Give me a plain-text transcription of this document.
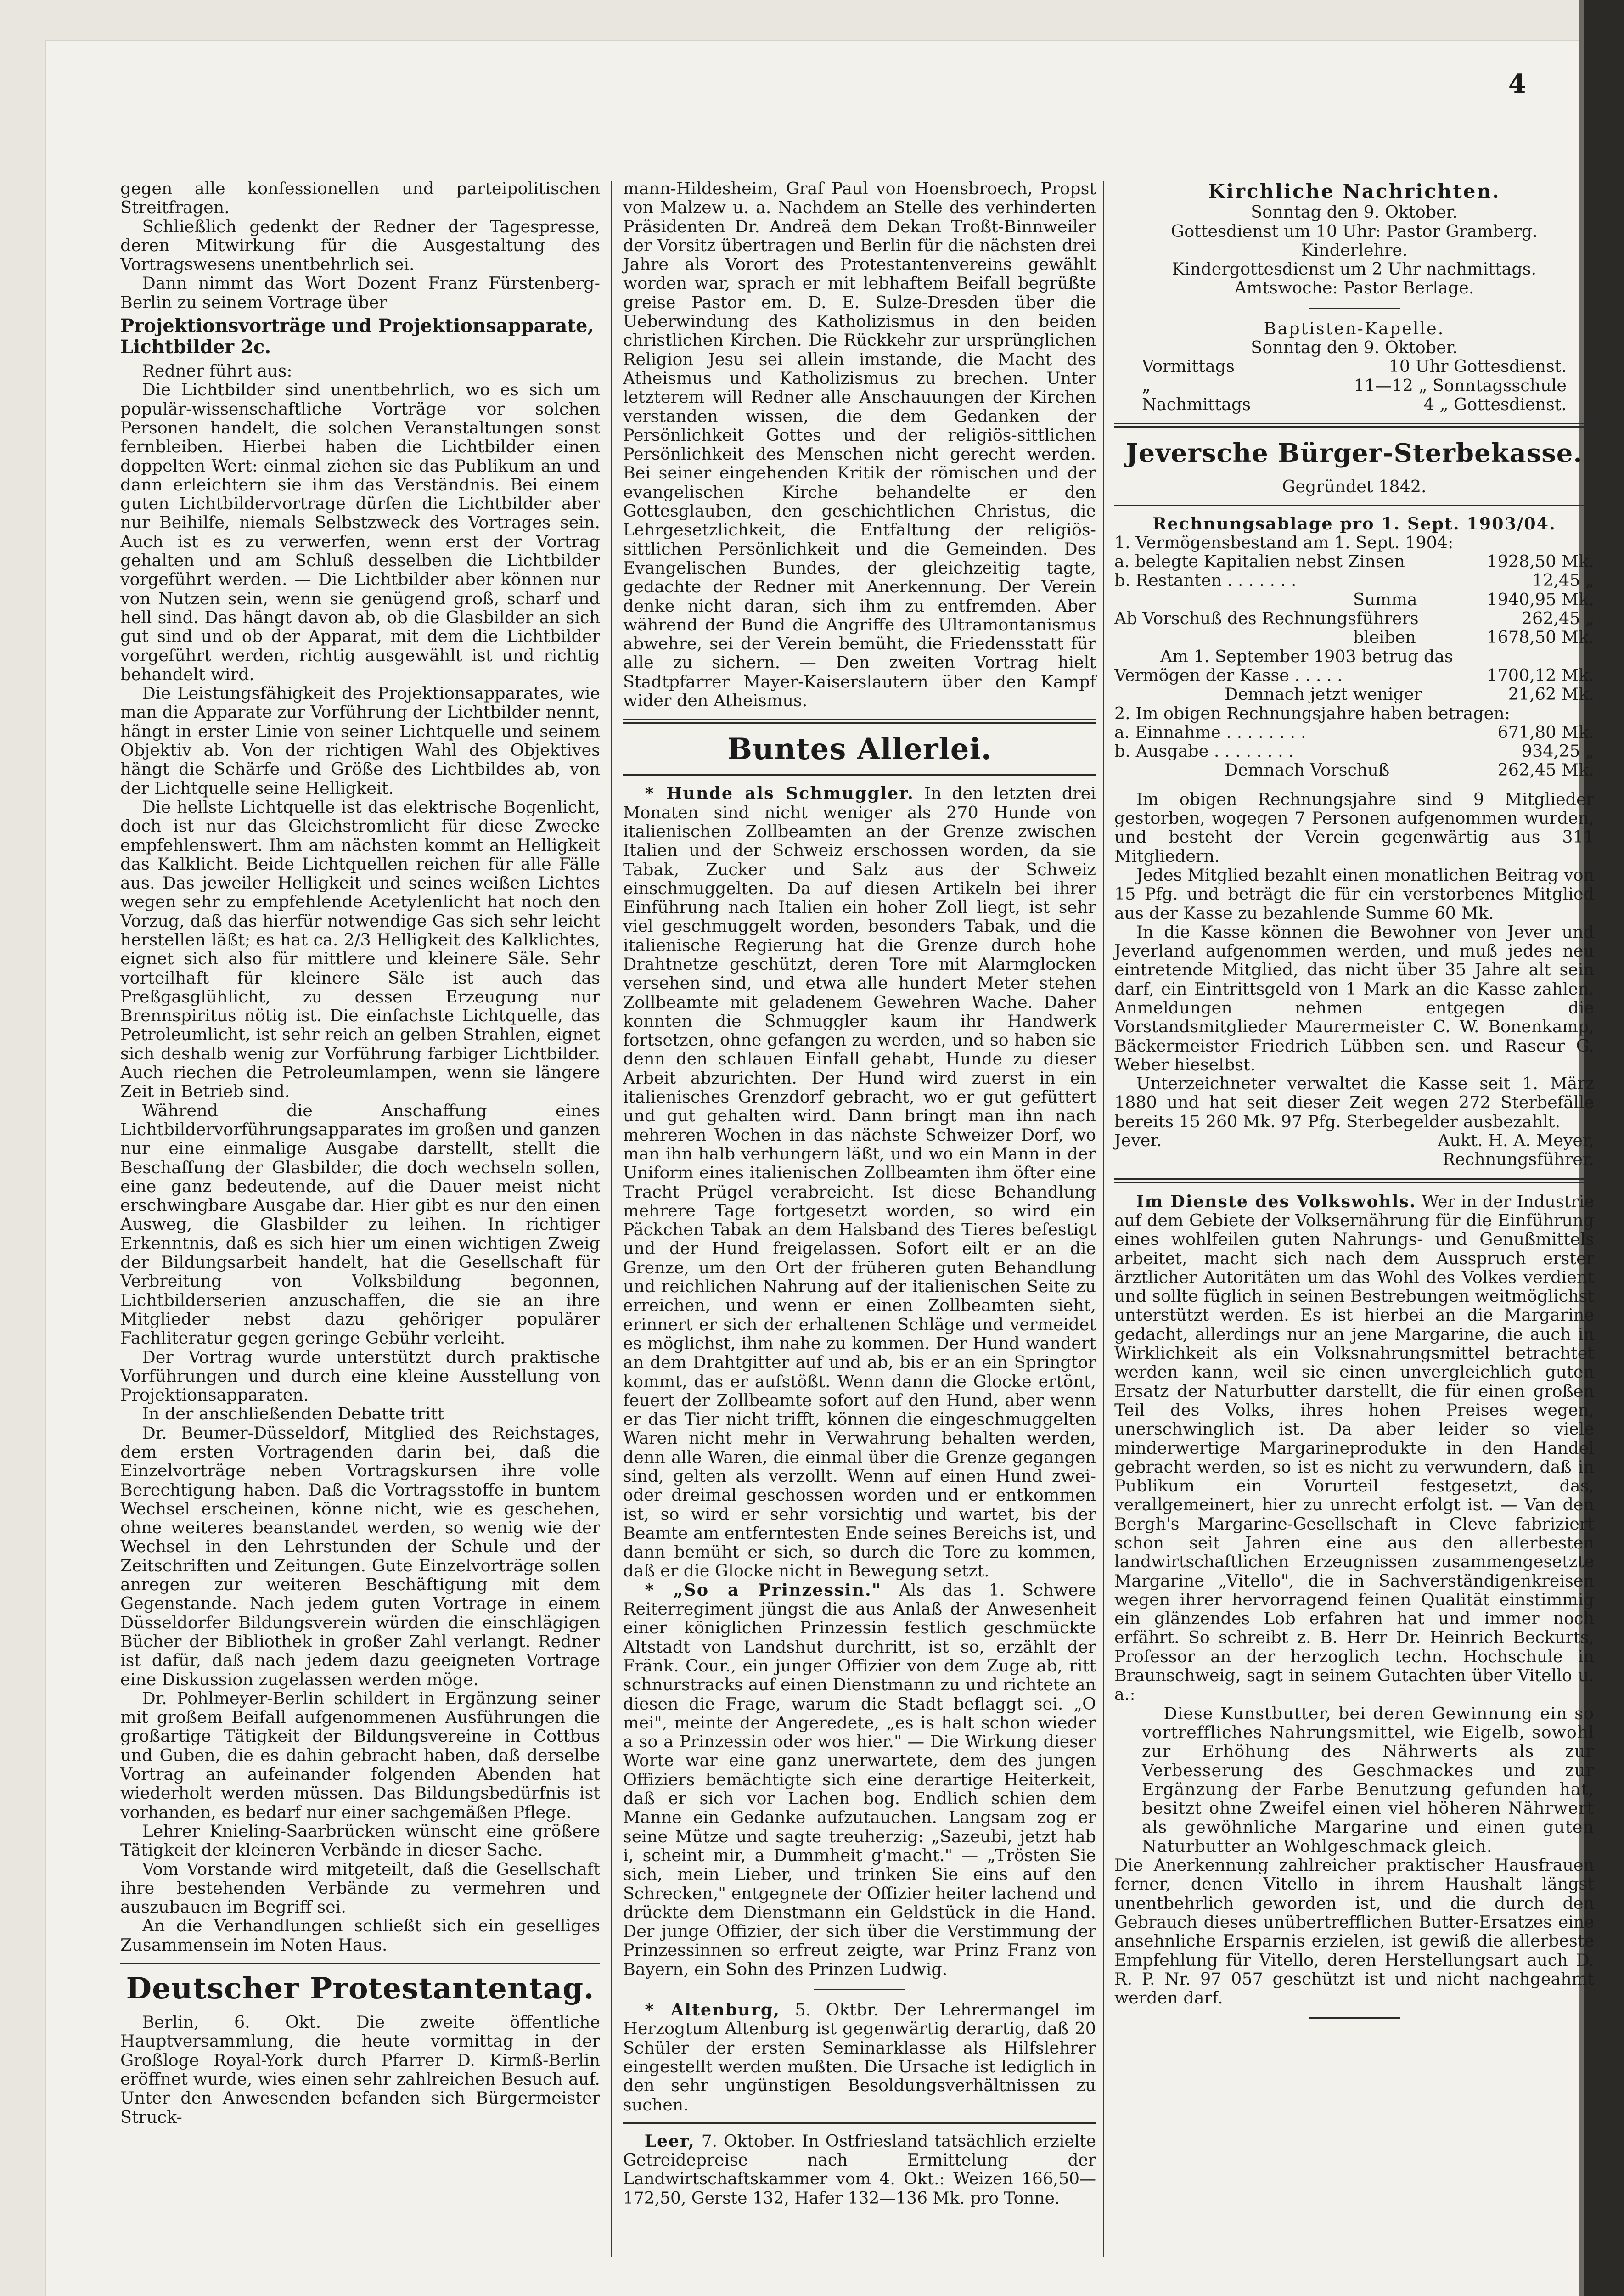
4

gegen alle konfessionellen und parteipolitischen Streitfragen.

Schließlich gedenkt der Redner der Tagespresse, deren Mitwirkung für die Ausgestaltung des Vortragswesens unentbehrlich sei.

Dann nimmt das Wort Dozent Franz Fürstenberg-Berlin zu seinem Vortrage über

Projektionsvorträge und Projektionsapparate, Lichtbilder 2c.

Redner führt aus:

Die Lichtbilder sind unentbehrlich, wo es sich um populär-wissenschaftliche Vorträge vor solchen Personen handelt, die solchen Veranstaltungen sonst fernbleiben. Hierbei haben die Lichtbilder einen doppelten Wert: einmal ziehen sie das Publikum an und dann erleichtern sie ihm das Verständnis. Bei einem guten Lichtbildervortrage dürfen die Lichtbilder aber nur Beihilfe, niemals Selbstzweck des Vortrages sein. Auch ist es zu verwerfen, wenn erst der Vortrag gehalten und am Schluß desselben die Lichtbilder vorgeführt werden. — Die Lichtbilder aber können nur von Nutzen sein, wenn sie genügend groß, scharf und hell sind. Das hängt davon ab, ob die Glasbilder an sich gut sind und ob der Apparat, mit dem die Lichtbilder vorgeführt werden, richtig ausgewählt ist und richtig behandelt wird.

Die Leistungsfähigkeit des Projektionsapparates, wie man die Apparate zur Vorführung der Lichtbilder nennt, hängt in erster Linie von seiner Lichtquelle und seinem Objektiv ab. Von der richtigen Wahl des Objektives hängt die Schärfe und Größe des Lichtbildes ab, von der Lichtquelle seine Helligkeit.

Die hellste Lichtquelle ist das elektrische Bogenlicht, doch ist nur das Gleichstromlicht für diese Zwecke empfehlenswert. Ihm am nächsten kommt an Helligkeit das Kalklicht. Beide Lichtquellen reichen für alle Fälle aus. Das jeweiler Helligkeit und seines weißen Lichtes wegen sehr zu empfehlende Acetylenlicht hat noch den Vorzug, daß das hierfür notwendige Gas sich sehr leicht herstellen läßt; es hat ca. 2/3 Helligkeit des Kalklichtes, eignet sich also für mittlere und kleinere Säle. Sehr vorteilhaft für kleinere Säle ist auch das Preßgasglühlicht, zu dessen Erzeugung nur Brennspiritus nötig ist. Die einfachste Lichtquelle, das Petroleumlicht, ist sehr reich an gelben Strahlen, eignet sich deshalb wenig zur Vorführung farbiger Lichtbilder. Auch riechen die Petroleumlampen, wenn sie längere Zeit in Betrieb sind.

Während die Anschaffung eines Lichtbildervorführungsapparates im großen und ganzen nur eine einmalige Ausgabe darstellt, stellt die Beschaffung der Glasbilder, die doch wechseln sollen, eine ganz bedeutende, auf die Dauer meist nicht erschwingbare Ausgabe dar. Hier gibt es nur den einen Ausweg, die Glasbilder zu leihen. In richtiger Erkenntnis, daß es sich hier um einen wichtigen Zweig der Bildungsarbeit handelt, hat die Gesellschaft für Verbreitung von Volksbildung begonnen, Lichtbilderserien anzuschaffen, die sie an ihre Mitglieder nebst dazu gehöriger populärer Fachliteratur gegen geringe Gebühr verleiht.

Der Vortrag wurde unterstützt durch praktische Vorführungen und durch eine kleine Ausstellung von Projektionsapparaten.

In der anschließenden Debatte tritt

Dr. Beumer-Düsseldorf, Mitglied des Reichstages, dem ersten Vortragenden darin bei, daß die Einzelvorträge neben Vortragskursen ihre volle Berechtigung haben. Daß die Vortragsstoffe in buntem Wechsel erscheinen, könne nicht, wie es geschehen, ohne weiteres beanstandet werden, so wenig wie der Wechsel in den Lehrstunden der Schule und der Zeitschriften und Zeitungen. Gute Einzelvorträge sollen anregen zur weiteren Beschäftigung mit dem Gegenstande. Nach jedem guten Vortrage in einem Düsseldorfer Bildungsverein würden die einschlägigen Bücher der Bibliothek in großer Zahl verlangt. Redner ist dafür, daß nach jedem dazu geeigneten Vortrage eine Diskussion zugelassen werden möge.

Dr. Pohlmeyer-Berlin schildert in Ergänzung seiner mit großem Beifall aufgenommenen Ausführungen die großartige Tätigkeit der Bildungsvereine in Cottbus und Guben, die es dahin gebracht haben, daß derselbe Vortrag an aufeinander folgenden Abenden hat wiederholt werden müssen. Das Bildungsbedürfnis ist vorhanden, es bedarf nur einer sachgemäßen Pflege.

Lehrer Knieling-Saarbrücken wünscht eine größere Tätigkeit der kleineren Verbände in dieser Sache.

Vom Vorstande wird mitgeteilt, daß die Gesellschaft ihre bestehenden Verbände zu vermehren und auszubauen im Begriff sei.

An die Verhandlungen schließt sich ein geselliges Zusammensein im Noten Haus.

Deutscher Protestantentag.

Berlin, 6. Okt. Die zweite öffentliche Hauptversammlung, die heute vormittag in der Großloge Royal-York durch Pfarrer D. Kirmß-Berlin eröffnet wurde, wies einen sehr zahlreichen Besuch auf. Unter den Anwesenden befanden sich Bürgermeister Struck-

mann-Hildesheim, Graf Paul von Hoensbroech, Propst von Malzew u. a. Nachdem an Stelle des verhinderten Präsidenten Dr. Andreä dem Dekan Troßt-Binnweiler der Vorsitz übertragen und Berlin für die nächsten drei Jahre als Vorort des Protestantenvereins gewählt worden war, sprach er mit lebhaftem Beifall begrüßte greise Pastor em. D. E. Sulze-Dresden über die Ueberwindung des Katholizismus in den beiden christlichen Kirchen. Die Rückkehr zur ursprünglichen Religion Jesu sei allein imstande, die Macht des Atheismus und Katholizismus zu brechen. Unter letzterem will Redner alle Anschauungen der Kirchen verstanden wissen, die dem Gedanken der Persönlichkeit Gottes und der religiös-sittlichen Persönlichkeit des Menschen nicht gerecht werden. Bei seiner eingehenden Kritik der römischen und der evangelischen Kirche behandelte er den Gottesglauben, den geschichtlichen Christus, die Lehrgesetzlichkeit, die Entfaltung der religiös-sittlichen Persönlichkeit und die Gemeinden. Des Evangelischen Bundes, der gleichzeitig tagte, gedachte der Redner mit Anerkennung. Der Verein denke nicht daran, sich ihm zu entfremden. Aber während der Bund die Angriffe des Ultramontanismus abwehre, sei der Verein bemüht, die Friedensstatt für alle zu sichern. — Den zweiten Vortrag hielt Stadtpfarrer Mayer-Kaiserslautern über den Kampf wider den Atheismus.

Buntes Allerlei.

* Hunde als Schmuggler. In den letzten drei Monaten sind nicht weniger als 270 Hunde von italienischen Zollbeamten an der Grenze zwischen Italien und der Schweiz erschossen worden, da sie Tabak, Zucker und Salz aus der Schweiz einschmuggelten. Da auf diesen Artikeln bei ihrer Einführung nach Italien ein hoher Zoll liegt, ist sehr viel geschmuggelt worden, besonders Tabak, und die italienische Regierung hat die Grenze durch hohe Drahtnetze geschützt, deren Tore mit Alarmglocken versehen sind, und etwa alle hundert Meter stehen Zollbeamte mit geladenem Gewehren Wache. Daher konnten die Schmuggler kaum ihr Handwerk fortsetzen, ohne gefangen zu werden, und so haben sie denn den schlauen Einfall gehabt, Hunde zu dieser Arbeit abzurichten. Der Hund wird zuerst in ein italienisches Grenzdorf gebracht, wo er gut gefüttert und gut gehalten wird. Dann bringt man ihn nach mehreren Wochen in das nächste Schweizer Dorf, wo man ihn halb verhungern läßt, und wo ein Mann in der Uniform eines italienischen Zollbeamten ihm öfter eine Tracht Prügel verabreicht. Ist diese Behandlung mehrere Tage fortgesetzt worden, so wird ein Päckchen Tabak an dem Halsband des Tieres befestigt und der Hund freigelassen. Sofort eilt er an die Grenze, um den Ort der früheren guten Behandlung und reichlichen Nahrung auf der italienischen Seite zu erreichen, und wenn er einen Zollbeamten sieht, erinnert er sich der erhaltenen Schläge und vermeidet es möglichst, ihm nahe zu kommen. Der Hund wandert an dem Drahtgitter auf und ab, bis er an ein Springtor kommt, das er aufstößt. Wenn dann die Glocke ertönt, feuert der Zollbeamte sofort auf den Hund, aber wenn er das Tier nicht trifft, können die eingeschmuggelten Waren nicht mehr in Verwahrung behalten werden, denn alle Waren, die einmal über die Grenze gegangen sind, gelten als verzollt. Wenn auf einen Hund zwei- oder dreimal geschossen worden und er entkommen ist, so wird er sehr vorsichtig und wartet, bis der Beamte am entferntesten Ende seines Bereichs ist, und dann bemüht er sich, so durch die Tore zu kommen, daß er die Glocke nicht in Bewegung setzt.

* „So a Prinzessin." Als das 1. Schwere Reiterregiment jüngst die aus Anlaß der Anwesenheit einer königlichen Prinzessin festlich geschmückte Altstadt von Landshut durchritt, ist so, erzählt der Fränk. Cour., ein junger Offizier von dem Zuge ab, ritt schnurstracks auf einen Dienstmann zu und richtete an diesen die Frage, warum die Stadt beflaggt sei. „O mei", meinte der Angeredete, „es is halt schon wieder a so a Prinzessin oder wos hier." — Die Wirkung dieser Worte war eine ganz unerwartete, dem des jungen Offiziers bemächtigte sich eine derartige Heiterkeit, daß er sich vor Lachen bog. Endlich schien dem Manne ein Gedanke aufzutauchen. Langsam zog er seine Mütze und sagte treuherzig: „Sazeubi, jetzt hab i, scheint mir, a Dummheit g'macht." — „Trösten Sie sich, mein Lieber, und trinken Sie eins auf den Schrecken," entgegnete der Offizier heiter lachend und drückte dem Dienstmann ein Geldstück in die Hand. Der junge Offizier, der sich über die Verstimmung der Prinzessinnen so erfreut zeigte, war Prinz Franz von Bayern, ein Sohn des Prinzen Ludwig.

* Altenburg, 5. Oktbr. Der Lehrermangel im Herzogtum Altenburg ist gegenwärtig derartig, daß 20 Schüler der ersten Seminarklasse als Hilfslehrer eingestellt werden mußten. Die Ursache ist lediglich in den sehr ungünstigen Besoldungsverhältnissen zu suchen.

Leer, 7. Oktober. In Ostfriesland tatsächlich erzielte Getreidepreise nach Ermittelung der Landwirtschaftskammer vom 4. Okt.: Weizen 166,50—172,50, Gerste 132, Hafer 132—136 Mk. pro Tonne.

Kirchliche Nachrichten.

Sonntag den 9. Oktober.

Gottesdienst um 10 Uhr: Pastor Gramberg.

Kinderlehre.

Kindergottesdienst um 2 Uhr nachmittags.

Amtswoche: Pastor Berlage.

Baptisten-Kapelle.

Sonntag den 9. Oktober.

Vormittags	10 Uhr Gottesdienst.
„	11—12 „ Sonntagsschule
Nachmittags	4 „ Gottesdienst.
Jeversche Bürger-Sterbekasse.

Gegründet 1842.

Rechnungsablage pro 1. Sept. 1903/04.

1. Vermögensbestand am 1. Sept. 1904:
a. belegte Kapitalien nebst Zinsen	1928,50 Mk.
b. Restanten . . . . . . .	12,45 „
Summa	1940,95 Mk.
Ab Vorschuß des Rechnungsführers	262,45 „
bleiben	1678,50 Mk.
Am 1. September 1903 betrug das
Vermögen der Kasse . . . . .	1700,12 Mk.
Demnach jetzt weniger	21,62 Mk.
2. Im obigen Rechnungsjahre haben betragen:
a. Einnahme . . . . . . . .	671,80 Mk.
b. Ausgabe . . . . . . . .	934,25 „
Demnach Vorschuß	262,45 Mk.

Im obigen Rechnungsjahre sind 9 Mitglieder gestorben, wogegen 7 Personen aufgenommen wurden, und besteht der Verein gegenwärtig aus 311 Mitgliedern.

Jedes Mitglied bezahlt einen monatlichen Beitrag von 15 Pfg. und beträgt die für ein verstorbenes Mitglied aus der Kasse zu bezahlende Summe 60 Mk.

In die Kasse können die Bewohner von Jever und Jeverland aufgenommen werden, und muß jedes neu eintretende Mitglied, das nicht über 35 Jahre alt sein darf, ein Eintrittsgeld von 1 Mark an die Kasse zahlen. Anmeldungen nehmen entgegen die Vorstandsmitglieder Maurermeister C. W. Bonenkamp, Bäckermeister Friedrich Lübben sen. und Raseur G. Weber hieselbst.

Unterzeichneter verwaltet die Kasse seit 1. März 1880 und hat seit dieser Zeit wegen 272 Sterbefälle bereits 15 260 Mk. 97 Pfg. Sterbegelder ausbezahlt.

Jever.	Aukt. H. A. Meyer,
Rechnungsführer.

Im Dienste des Volkswohls. Wer in der Industrie auf dem Gebiete der Volksernährung für die Einführung eines wohlfeilen guten Nahrungs- und Genußmittels arbeitet, macht sich nach dem Ausspruch erster ärztlicher Autoritäten um das Wohl des Volkes verdient und sollte füglich in seinen Bestrebungen weitmöglichst unterstützt werden. Es ist hierbei an die Margarine gedacht, allerdings nur an jene Margarine, die auch in Wirklichkeit als ein Volksnahrungsmittel betrachtet werden kann, weil sie einen unvergleichlich guten Ersatz der Naturbutter darstellt, die für einen großen Teil des Volks, ihres hohen Preises wegen, unerschwinglich ist. Da aber leider so viele minderwertige Margarineprodukte in den Handel gebracht werden, so ist es nicht zu verwundern, daß in Publikum ein Vorurteil festgesetzt, das, verallgemeinert, hier zu unrecht erfolgt ist. — Van den Bergh's Margarine-Gesellschaft in Cleve fabriziert schon seit Jahren eine aus den allerbesten landwirtschaftlichen Erzeugnissen zusammengesetzte Margarine „Vitello", die in Sachverständigenkreisen wegen ihrer hervorragend feinen Qualität einstimmig ein glänzendes Lob erfahren hat und immer noch erfährt. So schreibt z. B. Herr Dr. Heinrich Beckurts, Professor an der herzoglich techn. Hochschule in Braunschweig, sagt in seinem Gutachten über Vitello u. a.:

Diese Kunstbutter, bei deren Gewinnung ein so vortreffliches Nahrungsmittel, wie Eigelb, sowohl zur Erhöhung des Nährwerts als zur Verbesserung des Geschmackes und zur Ergänzung der Farbe Benutzung gefunden hat, besitzt ohne Zweifel einen viel höheren Nährwert als gewöhnliche Margarine und einen guten Naturbutter an Wohlgeschmack gleich.

Die Anerkennung zahlreicher praktischer Hausfrauen ferner, denen Vitello in ihrem Haushalt längst unentbehrlich geworden ist, und die durch den Gebrauch dieses unübertrefflichen Butter-Ersatzes eine ansehnliche Ersparnis erzielen, ist gewiß die allerbeste Empfehlung für Vitello, deren Herstellungsart auch D. R. P. Nr. 97 057 geschützt ist und nicht nachgeahmt werden darf.
